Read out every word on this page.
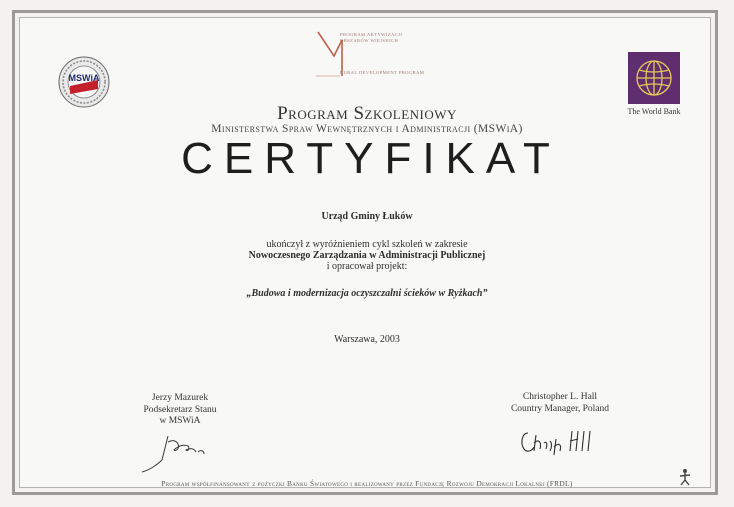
MSWiA
PROGRAM AKTYWIZACJI
OBSZARÓW WIEJSKICH
RURAL DEVELOPMENT PROGRAM
The World Bank
Program Szkoleniowy
Ministerstwa Spraw Wewnętrznych i Administracji (MSWiA)
CERTYFIKAT
Urząd Gminy Łuków
ukończył z wyróżnieniem cykl szkoleń w zakresie
Nowoczesnego Zarządzania w Administracji Publicznej
i opracował projekt:
„Budowa i modernizacja oczyszczalni ścieków w Ryżkach”
Warszawa, 2003
Jerzy Mazurek
Podsekretarz Stanu
w MSWiA
Christopher L. Hall
Country Manager, Poland
Program współfinansowany z pożyczki Banku Światowego i realizowany przez Fundację Rozwoju Demokracji Lokalnej (FRDL)
